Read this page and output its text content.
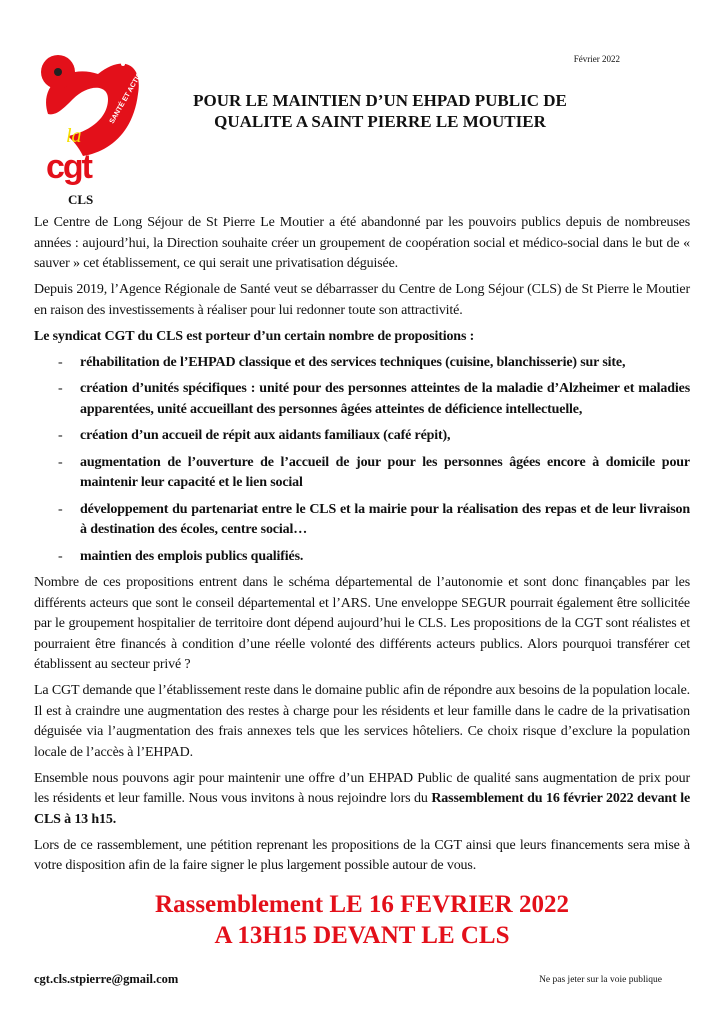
SANTÉ ET ACTION
la
cgt
CLS
Février 2022
POUR LE MAINTIEN D’UN EHPAD PUBLIC DE
QUALITE A SAINT PIERRE LE MOUTIER

Le Centre de Long Séjour de St Pierre Le Moutier a été abandonné par les pouvoirs publics depuis de nombreuses années : aujourd’hui, la Direction souhaite créer un groupement de coopération social et médico-social dans le but de « sauver » cet établissement, ce qui serait une privatisation déguisée.

Depuis 2019, l’Agence Régionale de Santé veut se débarrasser du Centre de Long Séjour (CLS) de St Pierre le Moutier en raison des investissements à réaliser pour lui redonner toute son attractivité.

Le syndicat CGT du CLS est porteur d’un certain nombre de propositions :

- réhabilitation de l’EHPAD classique et des services techniques (cuisine, blanchisserie) sur site,
- création d’unités spécifiques : unité pour des personnes atteintes de la maladie d’Alzheimer et maladies apparentées, unité accueillant des personnes âgées atteintes de déficience intellectuelle,
- création d’un accueil de répit aux aidants familiaux (café répit),
- augmentation de l’ouverture de l’accueil de jour pour les personnes âgées encore à domicile pour maintenir leur capacité et le lien social
- développement du partenariat entre le CLS et la mairie pour la réalisation des repas et de leur livraison à destination des écoles, centre social…
- maintien des emplois publics qualifiés.

Nombre de ces propositions entrent dans le schéma départemental de l’autonomie et sont donc finançables par les différents acteurs que sont le conseil départemental et l’ARS. Une enveloppe SEGUR pourrait également être sollicitée par le groupement hospitalier de territoire dont dépend aujourd’hui le CLS. Les propositions de la CGT sont réalistes et pourraient être financés à condition d’une réelle volonté des différents acteurs publics. Alors pourquoi transférer cet établissent au secteur privé ?

La CGT demande que l’établissement reste dans le domaine public afin de répondre aux besoins de la population locale. Il est à craindre une augmentation des restes à charge pour les résidents et leur famille dans le cadre de la privatisation déguisée via l’augmentation des frais annexes tels que les services hôteliers. Ce choix risque d’exclure la population locale de l’accès à l’EHPAD.

Ensemble nous pouvons agir pour maintenir une offre d’un EHPAD Public de qualité sans augmentation de prix pour les résidents et leur famille. Nous vous invitons à nous rejoindre lors du Rassemblement du 16 février 2022 devant le CLS à 13 h15.

Lors de ce rassemblement, une pétition reprenant les propositions de la CGT ainsi que leurs financements sera mise à votre disposition afin de la faire signer le plus largement possible autour de vous.

Rassemblement LE 16 FEVRIER 2022
A 13H15 DEVANT LE CLS
cgt.cls.stpierre@gmail.com	Ne pas jeter sur la voie publique
